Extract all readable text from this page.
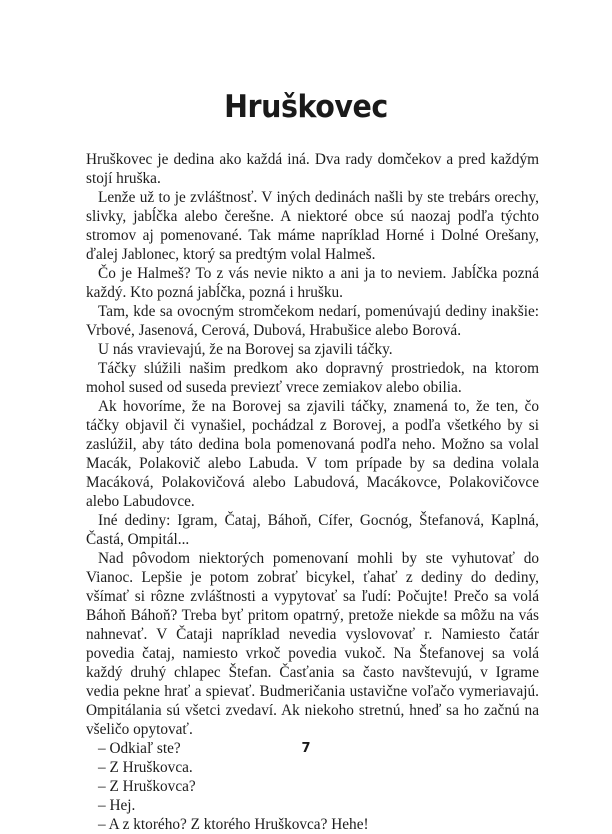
Hruškovec

Hruškovec je dedina ako každá iná. Dva rady domčekov a pred každým stojí hruška.

Lenže už to je zvláštnosť. V iných dedinách našli by ste trebárs orechy, slivky, jabĺčka alebo čerešne. A niektoré obce sú naozaj podľa týchto stromov aj pomenované. Tak máme napríklad Horné i Dolné Orešany, ďalej Jablonec, ktorý sa predtým volal Halmeš.

Čo je Halmeš? To z vás nevie nikto a ani ja to neviem. Jabĺčka pozná každý. Kto pozná jabĺčka, pozná i hrušku.

Tam, kde sa ovocným stromčekom nedarí, pomenúvajú dediny inakšie: Vrbové, Jasenová, Cerová, Dubová, Hrabušice alebo Borová.

U nás vravievajú, že na Borovej sa zjavili táčky.

Táčky slúžili našim predkom ako dopravný prostriedok, na ktorom mohol sused od suseda previezť vrece zemiakov alebo obilia.

Ak hovoríme, že na Borovej sa zjavili táčky, znamená to, že ten, čo táčky objavil či vynašiel, pochádzal z Borovej, a podľa všetkého by si zaslúžil, aby táto dedina bola pomenovaná podľa neho. Možno sa volal Macák, Polakovič alebo Labuda. V tom prípade by sa dedina volala Macáková, Polakovičová alebo Labudová, Macákovce, Polakovičovce alebo Labudovce.

Iné dediny: Igram, Čataj, Báhoň, Cífer, Gocnóg, Štefanová, Kaplná, Častá, Ompitál...

Nad pôvodom niektorých pomenovaní mohli by ste vyhutovať do Vianoc. Lepšie je potom zobrať bicykel, ťahať z dediny do dediny, všímať si rôzne zvláštnosti a vypytovať sa ľudí: Počujte! Prečo sa volá Báhoň Báhoň? Treba byť pritom opatrný, pretože niekde sa môžu na vás nahnevať. V Čataji napríklad nevedia vyslovovať r. Namiesto čatár povedia čataj, namiesto vrkoč povedia vukoč. Na Štefanovej sa volá každý druhý chlapec Štefan. Časťania sa často navštevujú, v Igrame vedia pekne hrať a spievať. Budmeričania ustavične voľačo vymeriavajú. Ompitálania sú všetci zvedaví. Ak niekoho stretnú, hneď sa ho začnú na všeličo opytovať.

– Odkiaľ ste?

– Z Hruškovca.

– Z Hruškovca?

– Hej.

– A z ktorého? Z ktorého Hruškovca? Hehe!

7
